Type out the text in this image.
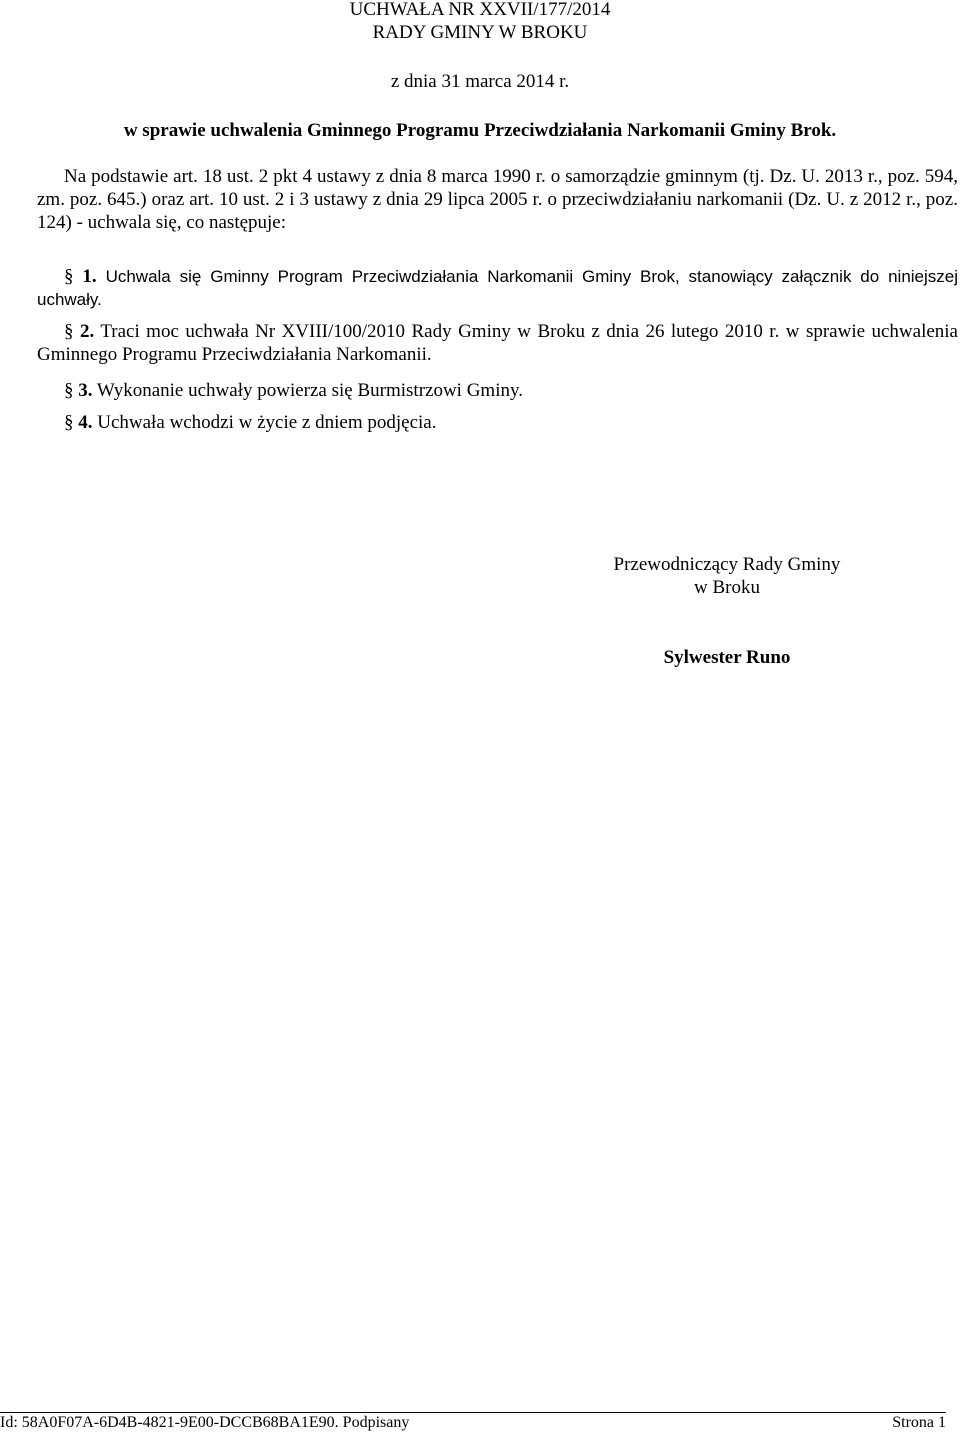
UCHWAŁA NR XXVII/177/2014
RADY GMINY W BROKU
z dnia 31 marca 2014 r.
w sprawie uchwalenia Gminnego Programu Przeciwdziałania Narkomanii Gminy Brok.

Na podstawie art. 18 ust. 2 pkt 4 ustawy z dnia 8 marca 1990 r. o samorządzie gminnym (tj. Dz. U. 2013 r., poz. 594, zm. poz. 645.) oraz art. 10 ust. 2 i 3 ustawy z dnia 29 lipca 2005 r. o przeciwdziałaniu narkomanii (Dz. U. z 2012 r., poz. 124) - uchwala się, co następuje:

§ 1. Uchwala się Gminny Program Przeciwdziałania Narkomanii Gminy Brok, stanowiący załącznik do niniejszej uchwały.

§ 2. Traci moc uchwała Nr XVIII/100/2010 Rady Gminy w Broku z dnia 26 lutego 2010 r. w sprawie uchwalenia Gminnego Programu Przeciwdziałania Narkomanii.

§ 3. Wykonanie uchwały powierza się Burmistrzowi Gminy.

§ 4. Uchwała wchodzi w życie z dniem podjęcia.

Przewodniczący Rady Gminy
w Broku
Sylwester Runo
Id: 58A0F07A-6D4B-4821-9E00-DCCB68BA1E90. Podpisany	Strona 1
